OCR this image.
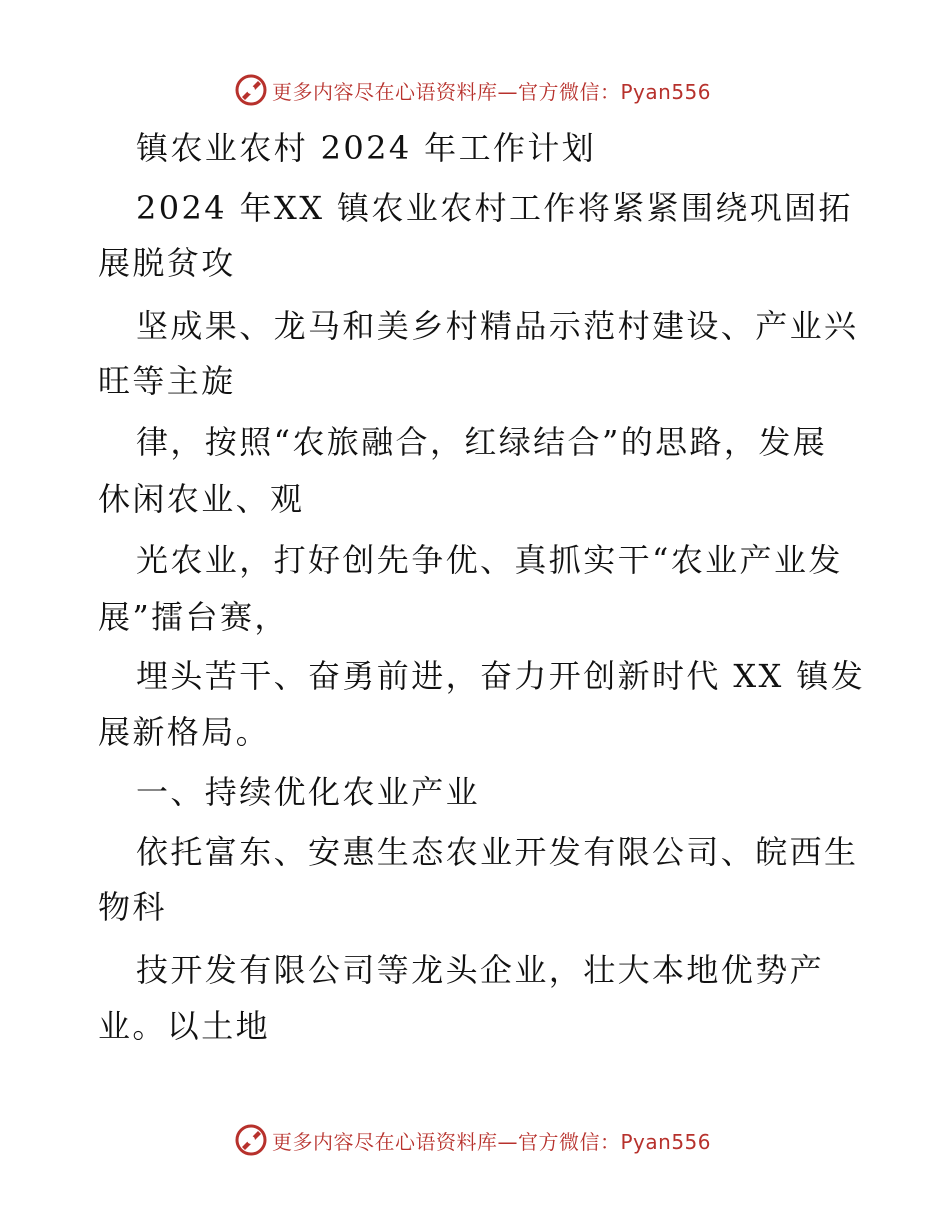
更多内容尽在心语资料库—官方微信：Pyan556
镇农业农村 2024 年工作计划
2024 年XX 镇农业农村工作将紧紧围绕巩固拓
展脱贫攻
坚成果、龙马和美乡村精品示范村建设、产业兴
旺等主旋
律，按照“农旅融合，红绿结合”的思路，发展
休闲农业、观
光农业，打好创先争优、真抓实干“农业产业发
展”擂台赛，
埋头苦干、奋勇前进，奋力开创新时代 XX 镇发
展新格局。
一、持续优化农业产业
依托富东、安惠生态农业开发有限公司、皖西生
物科
技开发有限公司等龙头企业，壮大本地优势产
业。以土地
更多内容尽在心语资料库—官方微信：Pyan556
